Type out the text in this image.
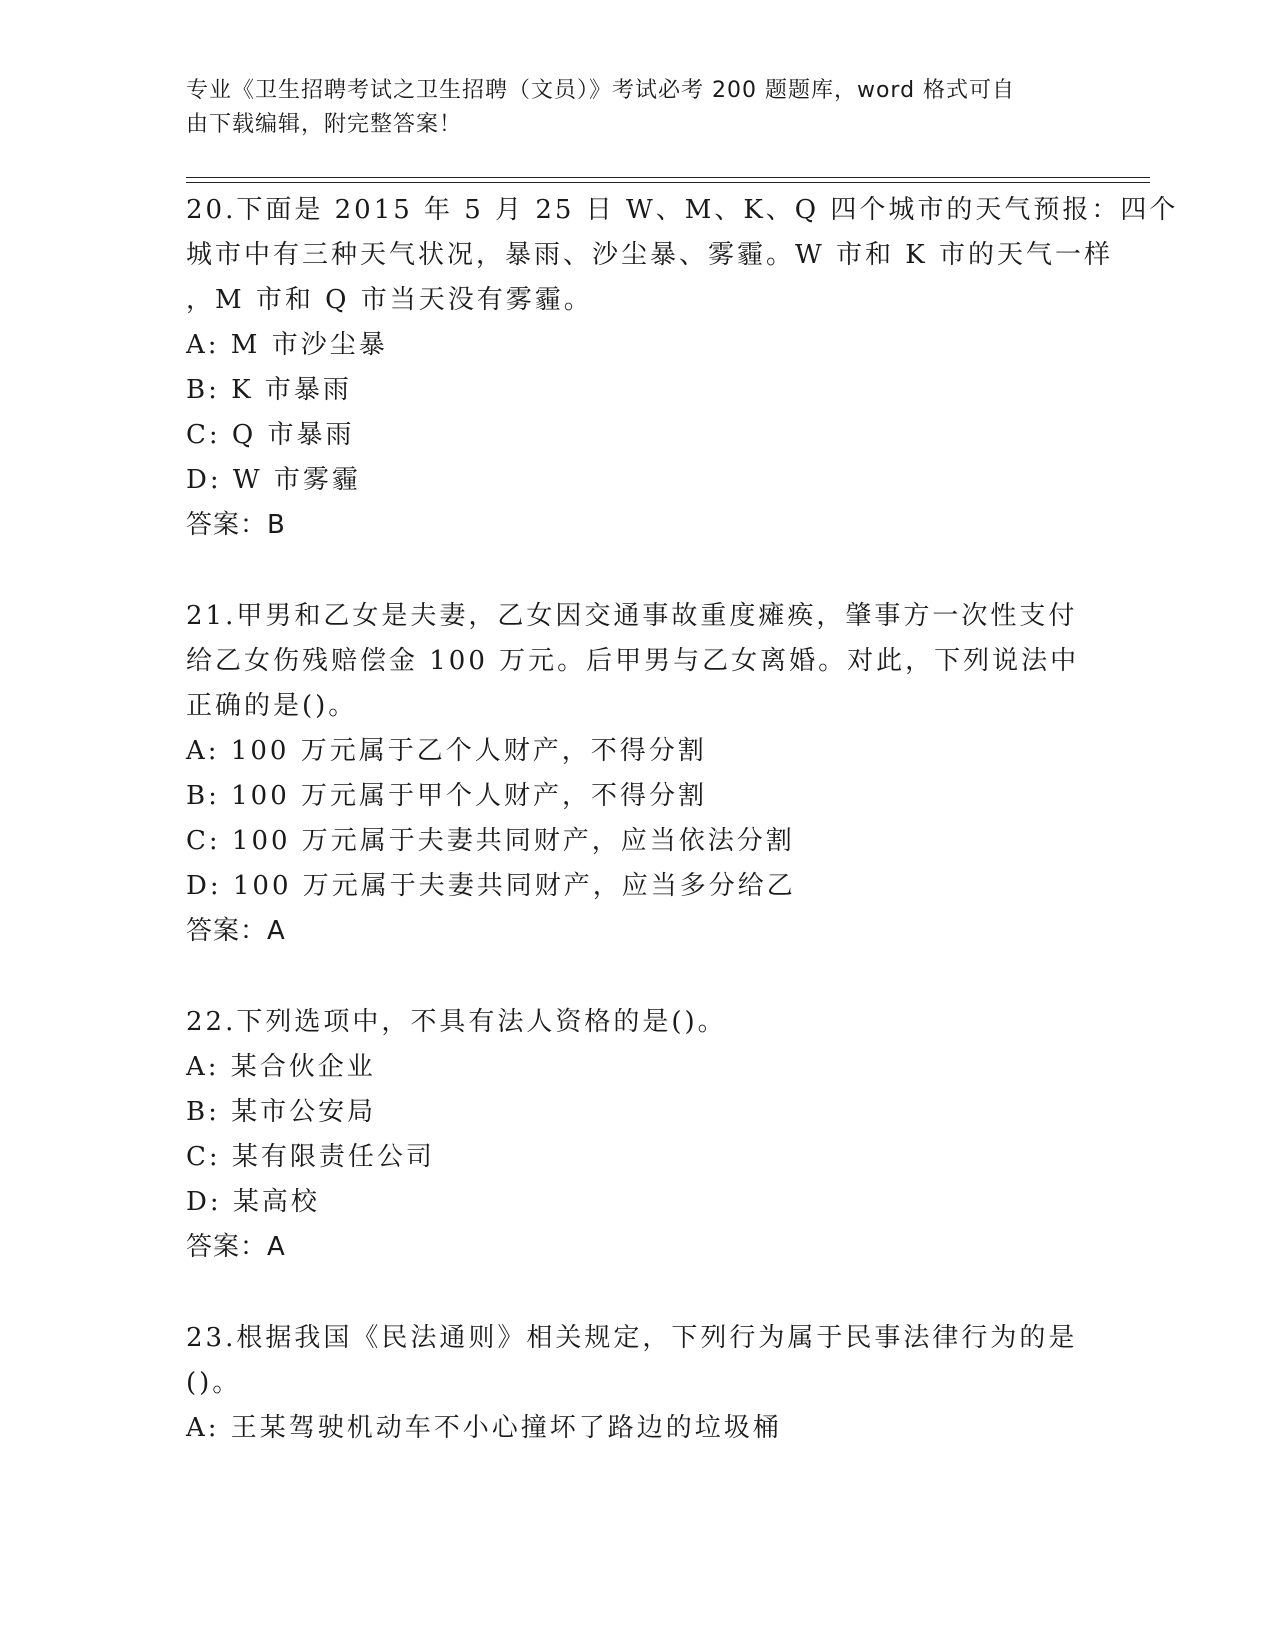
专业《卫生招聘考试之卫生招聘（文员）》考试必考 200 题题库，word 格式可自
由下载编辑，附完整答案！
20.下面是 2015 年 5 月 25 日 W、M、K、Q 四个城市的天气预报：四个
城市中有三种天气状况，暴雨、沙尘暴、雾霾。W 市和 K 市的天气一样
，M 市和 Q 市当天没有雾霾。
A: M 市沙尘暴
B: K 市暴雨
C: Q 市暴雨
D: W 市雾霾
答案：B
21.甲男和乙女是夫妻，乙女因交通事故重度瘫痪，肇事方一次性支付
给乙女伤残赔偿金 100 万元。后甲男与乙女离婚。对此，下列说法中
正确的是()。
A: 100 万元属于乙个人财产，不得分割
B: 100 万元属于甲个人财产，不得分割
C: 100 万元属于夫妻共同财产，应当依法分割
D: 100 万元属于夫妻共同财产，应当多分给乙
答案：A
22.下列选项中，不具有法人资格的是()。
A: 某合伙企业
B: 某市公安局
C: 某有限责任公司
D: 某高校
答案：A
23.根据我国《民法通则》相关规定，下列行为属于民事法律行为的是
()。
A: 王某驾驶机动车不小心撞坏了路边的垃圾桶
